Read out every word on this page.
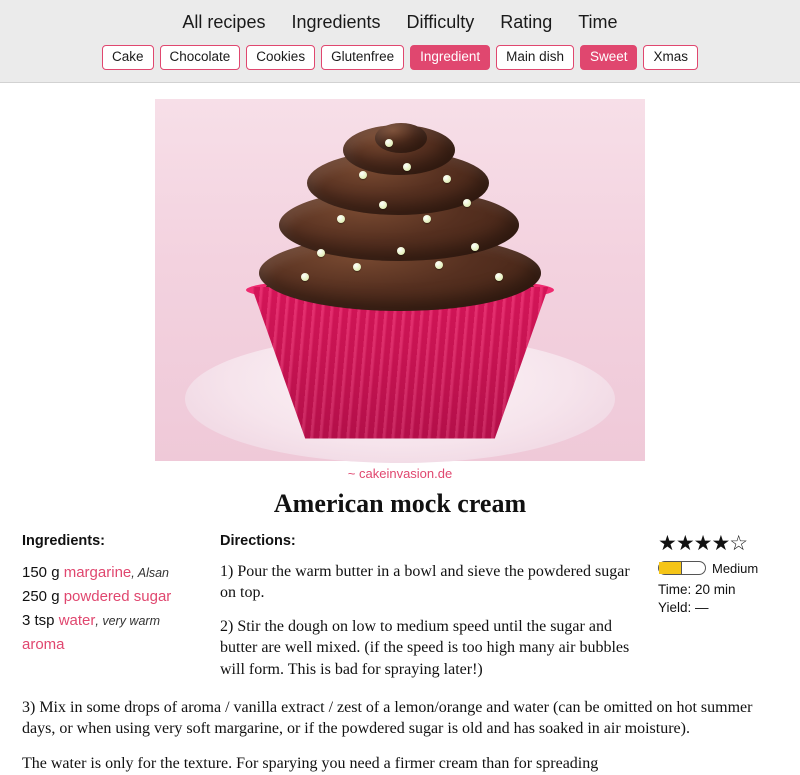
All recipes Ingredients Difficulty Rating Time
Cake	Chocolate	Cookies	Glutenfree	Ingredient	Main dish	Sweet	Xmas
~ cakeinvasion.de
American mock cream
Ingredients:
150 g margarine, Alsan
250 g powdered sugar
3 tsp water, very warm
aroma
Directions:

1) Pour the warm butter in a bowl and sieve the powdered sugar on top.

2) Stir the dough on low to medium speed until the sugar and butter are well mixed. (if the speed is too high many air bubbles will form. This is bad for spraying later!)

★★★★☆
Medium
Time: 20 min
Yield: —

3) Mix in some drops of aroma / vanilla extract / zest of a lemon/orange and water (can be omitted on hot summer days, or when using very soft margarine, or if the powdered sugar is old and has soaked in air moisture).

The water is only for the texture. For sparying you need a firmer cream than for spreading
